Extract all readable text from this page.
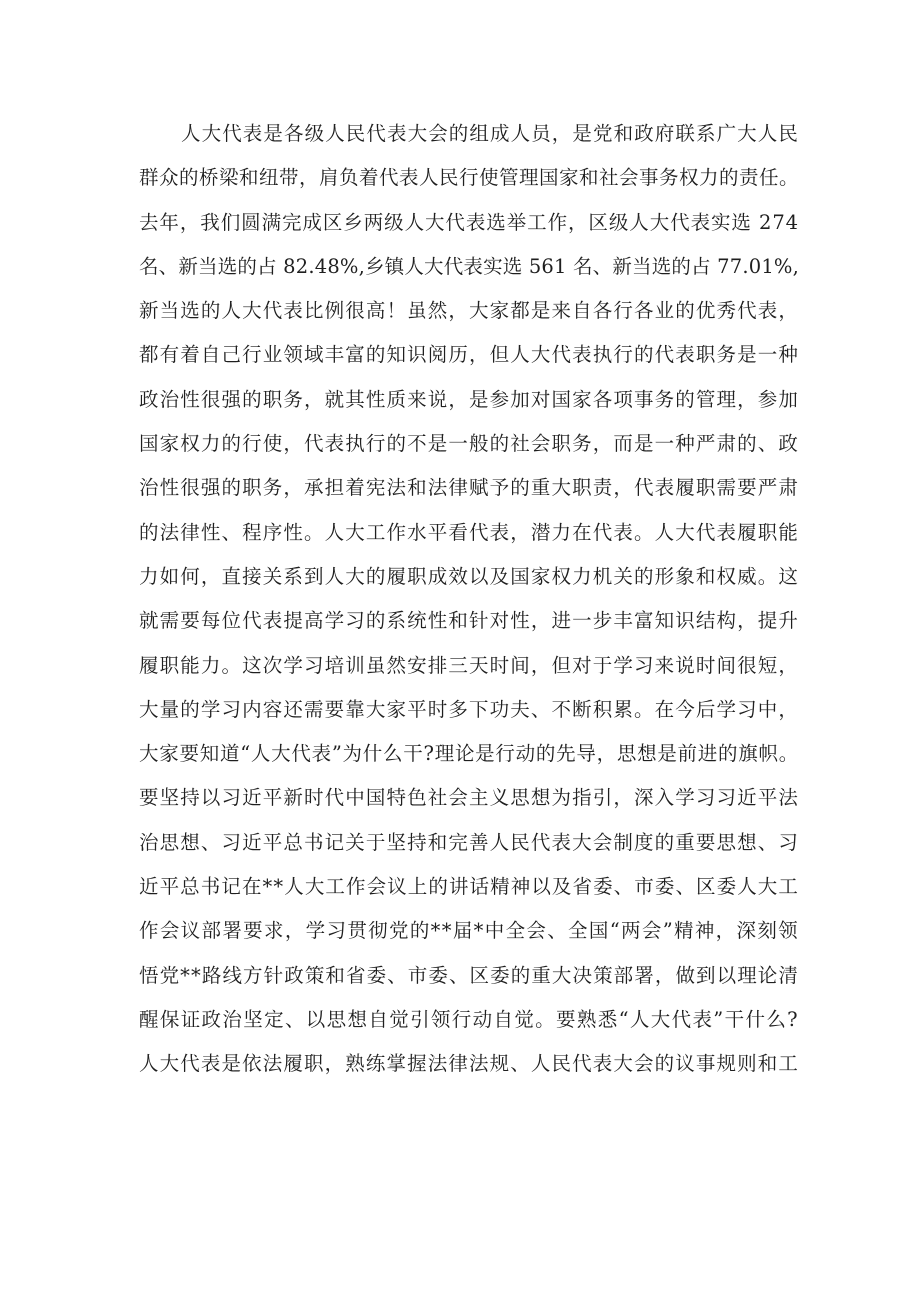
人大代表是各级人民代表大会的组成人员，是党和政府联系广大人民
群众的桥梁和纽带，肩负着代表人民行使管理国家和社会事务权力的责任。
去年，我们圆满完成区乡两级人大代表选举工作，区级人大代表实选 274
名、新当选的占 82.48%,乡镇人大代表实选 561 名、新当选的占 77.01%,
新当选的人大代表比例很高！虽然，大家都是来自各行各业的优秀代表，
都有着自己行业领域丰富的知识阅历，但人大代表执行的代表职务是一种
政治性很强的职务，就其性质来说，是参加对国家各项事务的管理，参加
国家权力的行使，代表执行的不是一般的社会职务，而是一种严肃的、政
治性很强的职务，承担着宪法和法律赋予的重大职责，代表履职需要严肃
的法律性、程序性。人大工作水平看代表，潜力在代表。人大代表履职能
力如何，直接关系到人大的履职成效以及国家权力机关的形象和权威。这
就需要每位代表提高学习的系统性和针对性，进一步丰富知识结构，提升
履职能力。这次学习培训虽然安排三天时间，但对于学习来说时间很短，
大量的学习内容还需要靠大家平时多下功夫、不断积累。在今后学习中，
大家要知道“人大代表”为什么干?理论是行动的先导，思想是前进的旗帜。
要坚持以习近平新时代中国特色社会主义思想为指引，深入学习习近平法
治思想、习近平总书记关于坚持和完善人民代表大会制度的重要思想、习
近平总书记在**人大工作会议上的讲话精神以及省委、市委、区委人大工
作会议部署要求，学习贯彻党的**届*中全会、全国“两会”精神，深刻领
悟党**路线方针政策和省委、市委、区委的重大决策部署，做到以理论清
醒保证政治坚定、以思想自觉引领行动自觉。要熟悉“人大代表”干什么?
人大代表是依法履职，熟练掌握法律法规、人民代表大会的议事规则和工
